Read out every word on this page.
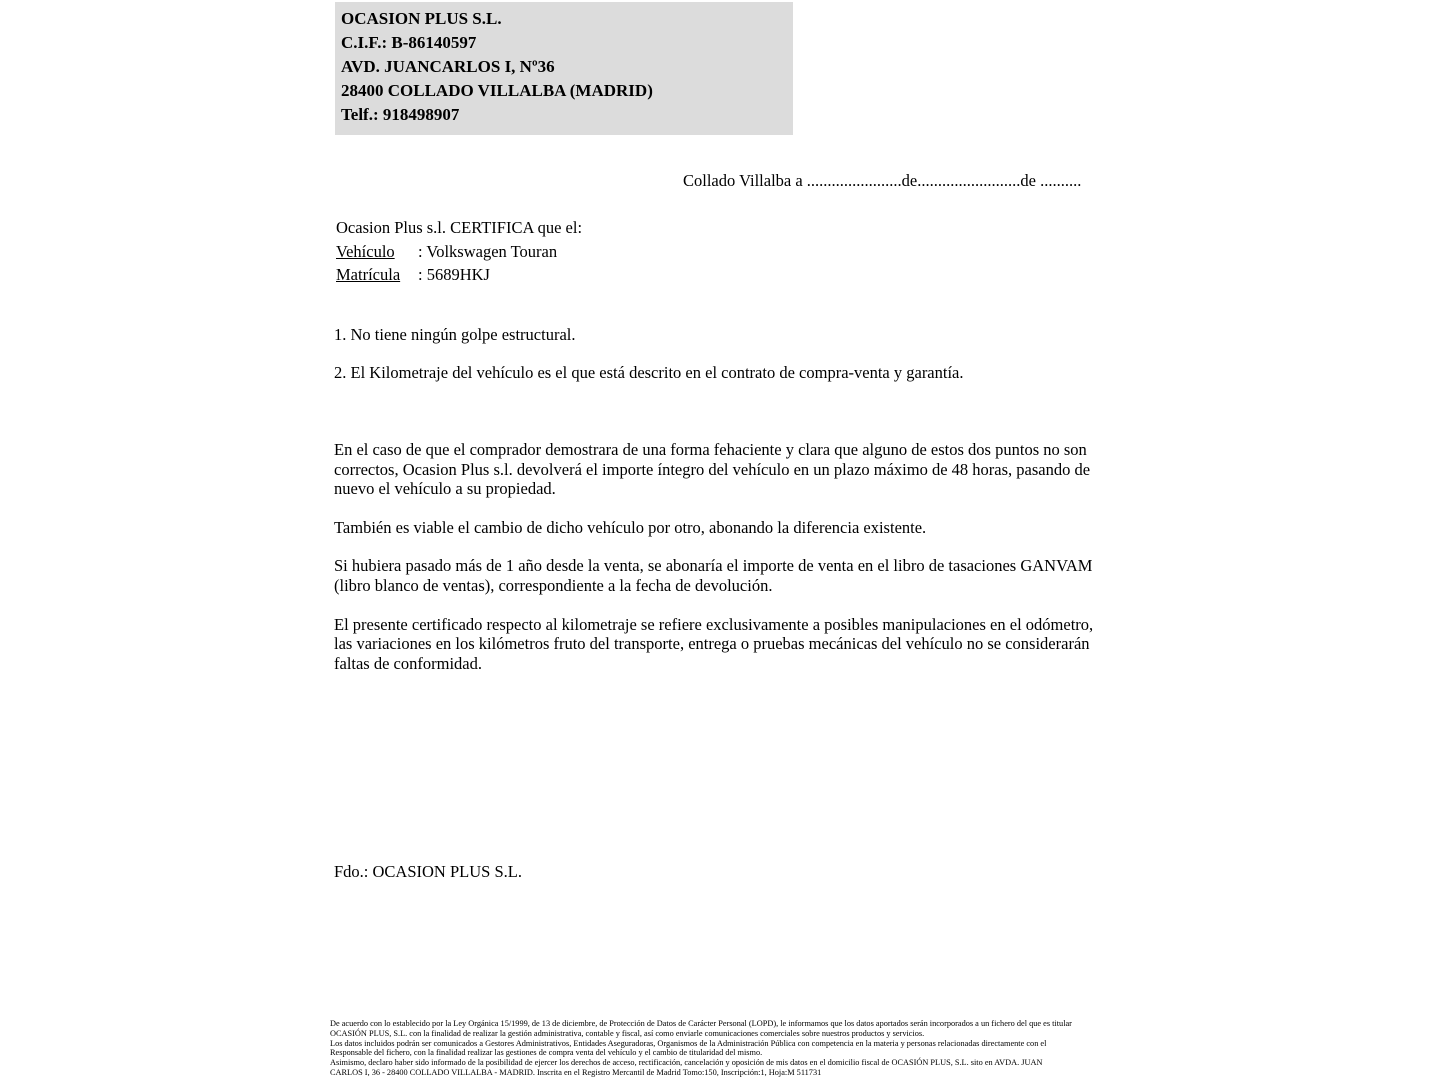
OCASION PLUS S.L.
C.I.F.: B-86140597
AVD. JUANCARLOS I, Nº36
28400 COLLADO VILLALBA (MADRID)
Telf.: 918498907
Collado Villalba a .......................de.........................de ..........
Ocasion Plus s.l. CERTIFICA que el:
Vehículo : Volkswagen Touran
Matrícula : 5689HKJ
1. No tiene ningún golpe estructural.
2. El Kilometraje del vehículo es el que está descrito en el contrato de compra-venta y garantía.

En el caso de que el comprador demostrara de una forma fehaciente y clara que alguno de estos dos puntos no son correctos, Ocasion Plus s.l. devolverá el importe íntegro del vehículo en un plazo máximo de 48 horas, pasando de nuevo el vehículo a su propiedad.

También es viable el cambio de dicho vehículo por otro, abonando la diferencia existente.

Si hubiera pasado más de 1 año desde la venta, se abonaría el importe de venta en el libro de tasaciones GANVAM (libro blanco de ventas), correspondiente a la fecha de devolución.

El presente certificado respecto al kilometraje se refiere exclusivamente a posibles manipulaciones en el odómetro, las variaciones en los kilómetros fruto del transporte, entrega o pruebas mecánicas del vehículo no se considerarán faltas de conformidad.

Fdo.: OCASION PLUS S.L.
De acuerdo con lo establecido por la Ley Orgánica 15/1999, de 13 de diciembre, de Protección de Datos de Carácter Personal (LOPD), le informamos que los datos aportados serán incorporados a un fichero del que es titular
OCASIÓN PLUS, S.L. con la finalidad de realizar la gestión administrativa, contable y fiscal, así como enviarle comunicaciones comerciales sobre nuestros productos y servicios.
Los datos incluidos podrán ser comunicados a Gestores Administrativos, Entidades Aseguradoras, Organismos de la Administración Pública con competencia en la materia y personas relacionadas directamente con el
Responsable del fichero, con la finalidad realizar las gestiones de compra venta del vehículo y el cambio de titularidad del mismo.
Asimismo, declaro haber sido informado de la posibilidad de ejercer los derechos de acceso, rectificación, cancelación y oposición de mis datos en el domicilio fiscal de OCASIÓN PLUS, S.L. sito en AVDA. JUAN
CARLOS I, 36 - 28400 COLLADO VILLALBA - MADRID. Inscrita en el Registro Mercantil de Madrid Tomo:150, Inscripción:1, Hoja:M 511731
